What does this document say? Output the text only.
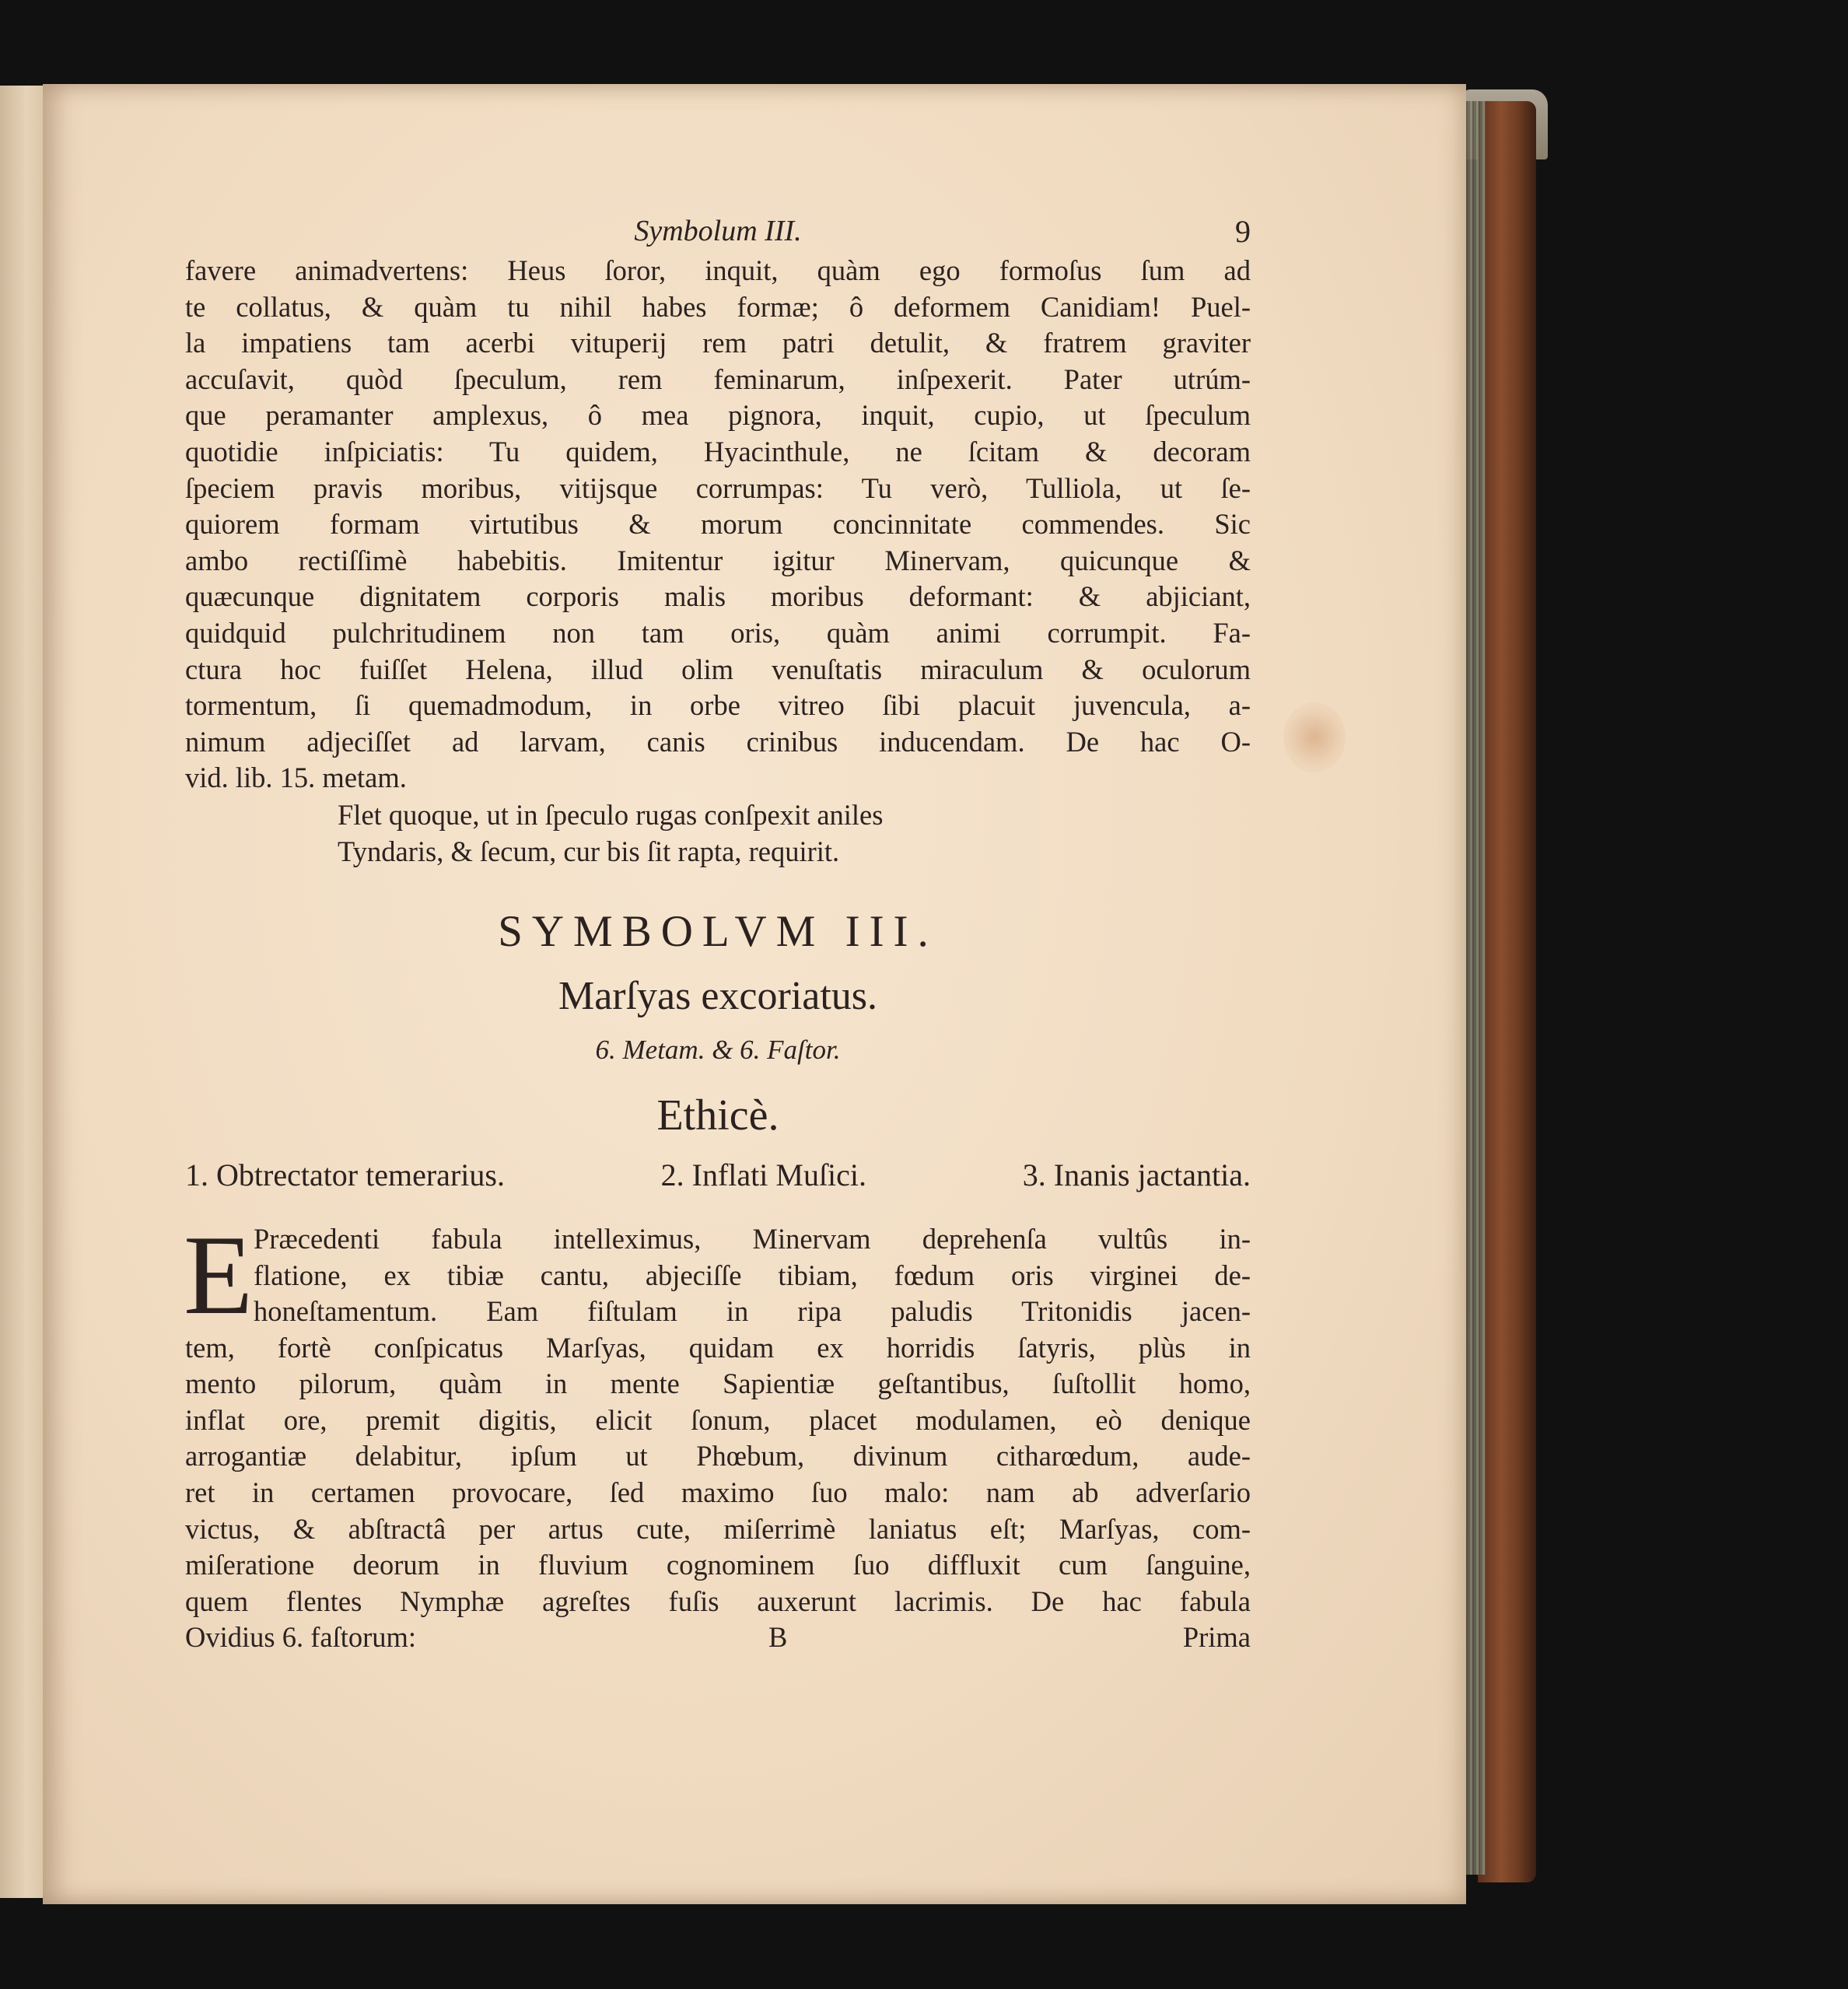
Symbolum III.	9
favere animadvertens: Heus ſoror, inquit, quàm ego formoſus ſum ad
te collatus, & quàm tu nihil habes formæ; ô deformem Canidiam! Puel-
la impatiens tam acerbi vituperij rem patri detulit, & fratrem graviter
accuſavit, quòd ſpeculum, rem feminarum, inſpexerit. Pater utrúm-
que peramanter amplexus, ô mea pignora, inquit, cupio, ut ſpeculum
quotidie inſpiciatis: Tu quidem, Hyacinthule, ne ſcitam & decoram
ſpeciem pravis moribus, vitijsque corrumpas: Tu verò, Tulliola, ut ſe-
quiorem formam virtutibus & morum concinnitate commendes. Sic
ambo rectiſſimè habebitis. Imitentur igitur Minervam, quicunque &
quæcunque dignitatem corporis malis moribus deformant: & abjiciant,
quidquid pulchritudinem non tam oris, quàm animi corrumpit. Fa-
ctura hoc fuiſſet Helena, illud olim venuſtatis miraculum & oculorum
tormentum, ſi quemadmodum, in orbe vitreo ſibi placuit juvencula, a-
nimum adjeciſſet ad larvam, canis crinibus inducendam. De hac O-
vid. lib. 15. metam.
Flet quoque, ut in ſpeculo rugas conſpexit aniles
Tyndaris, & ſecum, cur bis ſit rapta, requirit.
SYMBOLVM III.
Marſyas excoriatus.
6. Metam. & 6. Faſtor.
Ethicè.
1. Obtrectator temerarius.	2. Inflati Muſici.	3. Inanis jactantia.
E Præcedenti fabula intelleximus, Minervam deprehenſa vultûs in-
flatione, ex tibiæ cantu, abjeciſſe tibiam, fœdum oris virginei de-
honeſtamentum. Eam fiſtulam in ripa paludis Tritonidis jacen-
tem, fortè conſpicatus Marſyas, quidam ex horridis ſatyris, plùs in
mento pilorum, quàm in mente Sapientiæ geſtantibus, ſuſtollit homo,
inflat ore, premit digitis, elicit ſonum, placet modulamen, eò denique
arrogantiæ delabitur, ipſum ut Phœbum, divinum citharœdum, aude-
ret in certamen provocare, ſed maximo ſuo malo: nam ab adverſario
victus, & abſtractâ per artus cute, miſerrimè laniatus eſt; Marſyas, com-
miſeratione deorum in fluvium cognominem ſuo diffluxit cum ſanguine,
quem flentes Nymphæ agreſtes fuſis auxerunt lacrimis. De hac fabula
Ovidius 6. faſtorum:	B	Prima
